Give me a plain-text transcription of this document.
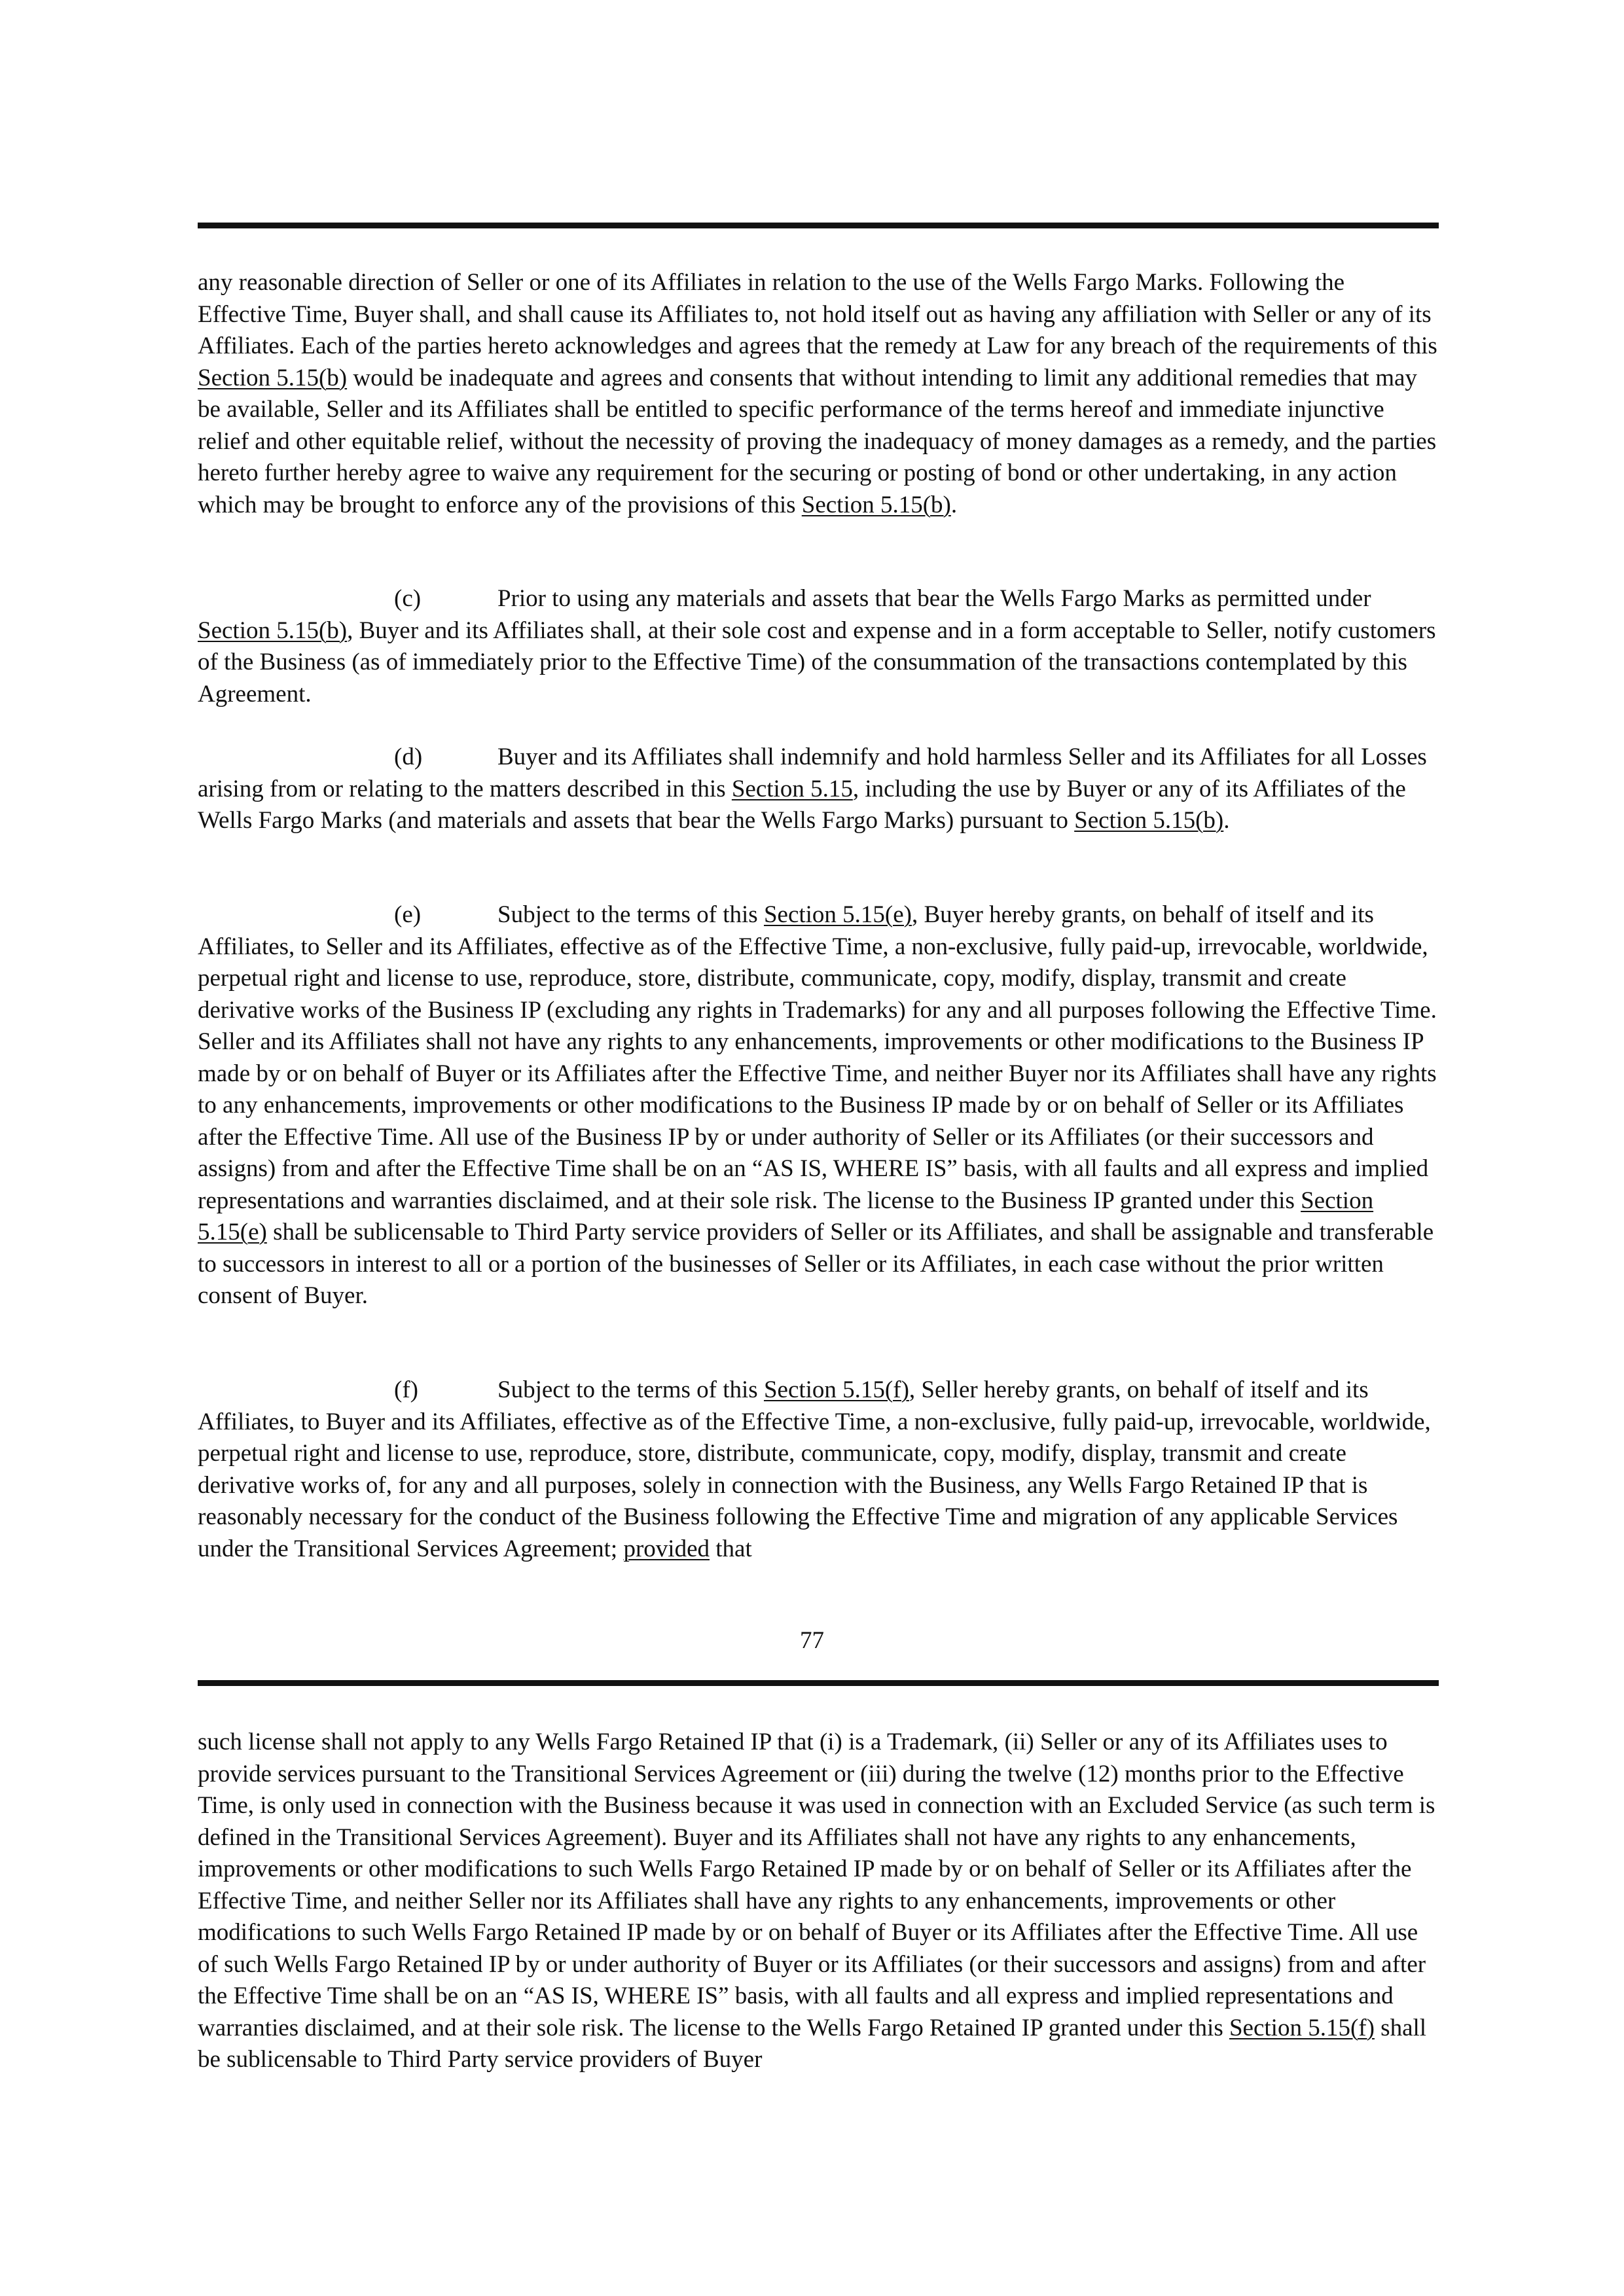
any reasonable direction of Seller or one of its Affiliates in relation to the use of the Wells Fargo Marks. Following the Effective Time, Buyer shall, and shall cause its Affiliates to, not hold itself out as having any affiliation with Seller or any of its Affiliates. Each of the parties hereto acknowledges and agrees that the remedy at Law for any breach of the requirements of this Section 5.15(b) would be inadequate and agrees and consents that without intending to limit any additional remedies that may be available, Seller and its Affiliates shall be entitled to specific performance of the terms hereof and immediate injunctive relief and other equitable relief, without the necessity of proving the inadequacy of money damages as a remedy, and the parties hereto further hereby agree to waive any requirement for the securing or posting of bond or other undertaking, in any action which may be brought to enforce any of the provisions of this Section 5.15(b).

(c)	Prior to using any materials and assets that bear the Wells Fargo Marks as permitted under Section 5.15(b), Buyer and its Affiliates shall, at their sole cost and expense and in a form acceptable to Seller, notify customers of the Business (as of immediately prior to the Effective Time) of the consummation of the transactions contemplated by this Agreement.

(d)	Buyer and its Affiliates shall indemnify and hold harmless Seller and its Affiliates for all Losses arising from or relating to the matters described in this Section 5.15, including the use by Buyer or any of its Affiliates of the Wells Fargo Marks (and materials and assets that bear the Wells Fargo Marks) pursuant to Section 5.15(b).

(e)	Subject to the terms of this Section 5.15(e), Buyer hereby grants, on behalf of itself and its Affiliates, to Seller and its Affiliates, effective as of the Effective Time, a non-exclusive, fully paid-up, irrevocable, worldwide, perpetual right and license to use, reproduce, store, distribute, communicate, copy, modify, display, transmit and create derivative works of the Business IP (excluding any rights in Trademarks) for any and all purposes following the Effective Time. Seller and its Affiliates shall not have any rights to any enhancements, improvements or other modifications to the Business IP made by or on behalf of Buyer or its Affiliates after the Effective Time, and neither Buyer nor its Affiliates shall have any rights to any enhancements, improvements or other modifications to the Business IP made by or on behalf of Seller or its Affiliates after the Effective Time. All use of the Business IP by or under authority of Seller or its Affiliates (or their successors and assigns) from and after the Effective Time shall be on an “AS IS, WHERE IS” basis, with all faults and all express and implied representations and warranties disclaimed, and at their sole risk. The license to the Business IP granted under this Section 5.15(e) shall be sublicensable to Third Party service providers of Seller or its Affiliates, and shall be assignable and transferable to successors in interest to all or a portion of the businesses of Seller or its Affiliates, in each case without the prior written consent of Buyer.

(f)	Subject to the terms of this Section 5.15(f), Seller hereby grants, on behalf of itself and its Affiliates, to Buyer and its Affiliates, effective as of the Effective Time, a non-exclusive, fully paid-up, irrevocable, worldwide, perpetual right and license to use, reproduce, store, distribute, communicate, copy, modify, display, transmit and create derivative works of, for any and all purposes, solely in connection with the Business, any Wells Fargo Retained IP that is reasonably necessary for the conduct of the Business following the Effective Time and migration of any applicable Services under the Transitional Services Agreement; provided that

77

such license shall not apply to any Wells Fargo Retained IP that (i) is a Trademark, (ii) Seller or any of its Affiliates uses to provide services pursuant to the Transitional Services Agreement or (iii) during the twelve (12) months prior to the Effective Time, is only used in connection with the Business because it was used in connection with an Excluded Service (as such term is defined in the Transitional Services Agreement). Buyer and its Affiliates shall not have any rights to any enhancements, improvements or other modifications to such Wells Fargo Retained IP made by or on behalf of Seller or its Affiliates after the Effective Time, and neither Seller nor its Affiliates shall have any rights to any enhancements, improvements or other modifications to such Wells Fargo Retained IP made by or on behalf of Buyer or its Affiliates after the Effective Time. All use of such Wells Fargo Retained IP by or under authority of Buyer or its Affiliates (or their successors and assigns) from and after the Effective Time shall be on an “AS IS, WHERE IS” basis, with all faults and all express and implied representations and warranties disclaimed, and at their sole risk. The license to the Wells Fargo Retained IP granted under this Section 5.15(f) shall be sublicensable to Third Party service providers of Buyer
